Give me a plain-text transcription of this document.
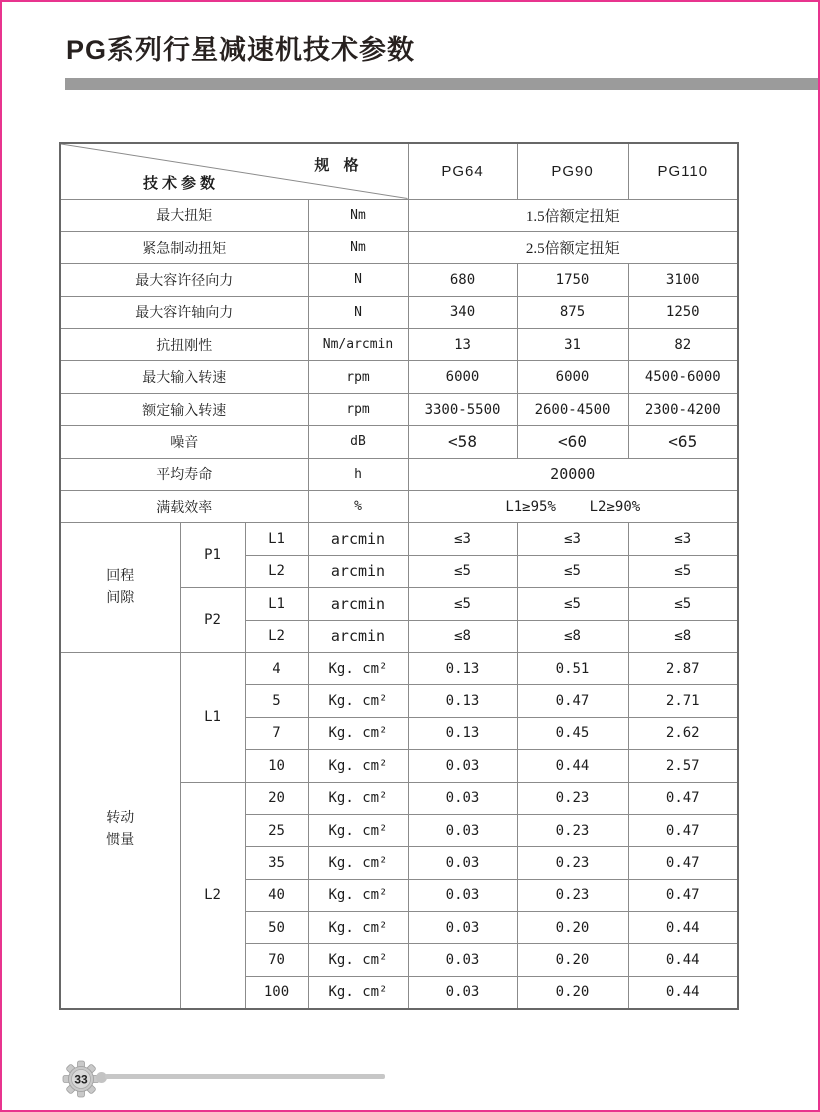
PG系列行星减速机技术参数
规 格
技术参数				PG64	PG90	PG110
最大扭矩			Nm	1.5倍额定扭矩		
紧急制动扭矩			Nm	2.5倍额定扭矩		
最大容许径向力			N	680	1750	3100
最大容许轴向力			N	340	875	1250
抗扭刚性			Nm/arcmin	13	31	82
最大输入转速			rpm	6000	6000	4500-6000
额定输入转速			rpm	3300-5500	2600-4500	2300-4200
噪音			dB	<58	<60	<65
平均寿命			h	20000		
满载效率			%	L1≥95%    L2≥90%		

回程
间隙	P1	L1	arcmin	≤3	≤3	≤3
		L2	arcmin	≤5	≤5	≤5
	P2	L1	arcmin	≤5	≤5	≤5
		L2	arcmin	≤8	≤8	≤8

转动
惯量	L1	4	Kg. cm²	0.13	0.51	2.87
		5	Kg. cm²	0.13	0.47	2.71
		7	Kg. cm²	0.13	0.45	2.62
		10	Kg. cm²	0.03	0.44	2.57
	L2	20	Kg. cm²	0.03	0.23	0.47
		25	Kg. cm²	0.03	0.23	0.47
		35	Kg. cm²	0.03	0.23	0.47
		40	Kg. cm²	0.03	0.23	0.47
		50	Kg. cm²	0.03	0.20	0.44
		70	Kg. cm²	0.03	0.20	0.44
		100	Kg. cm²	0.03	0.20	0.44
33
